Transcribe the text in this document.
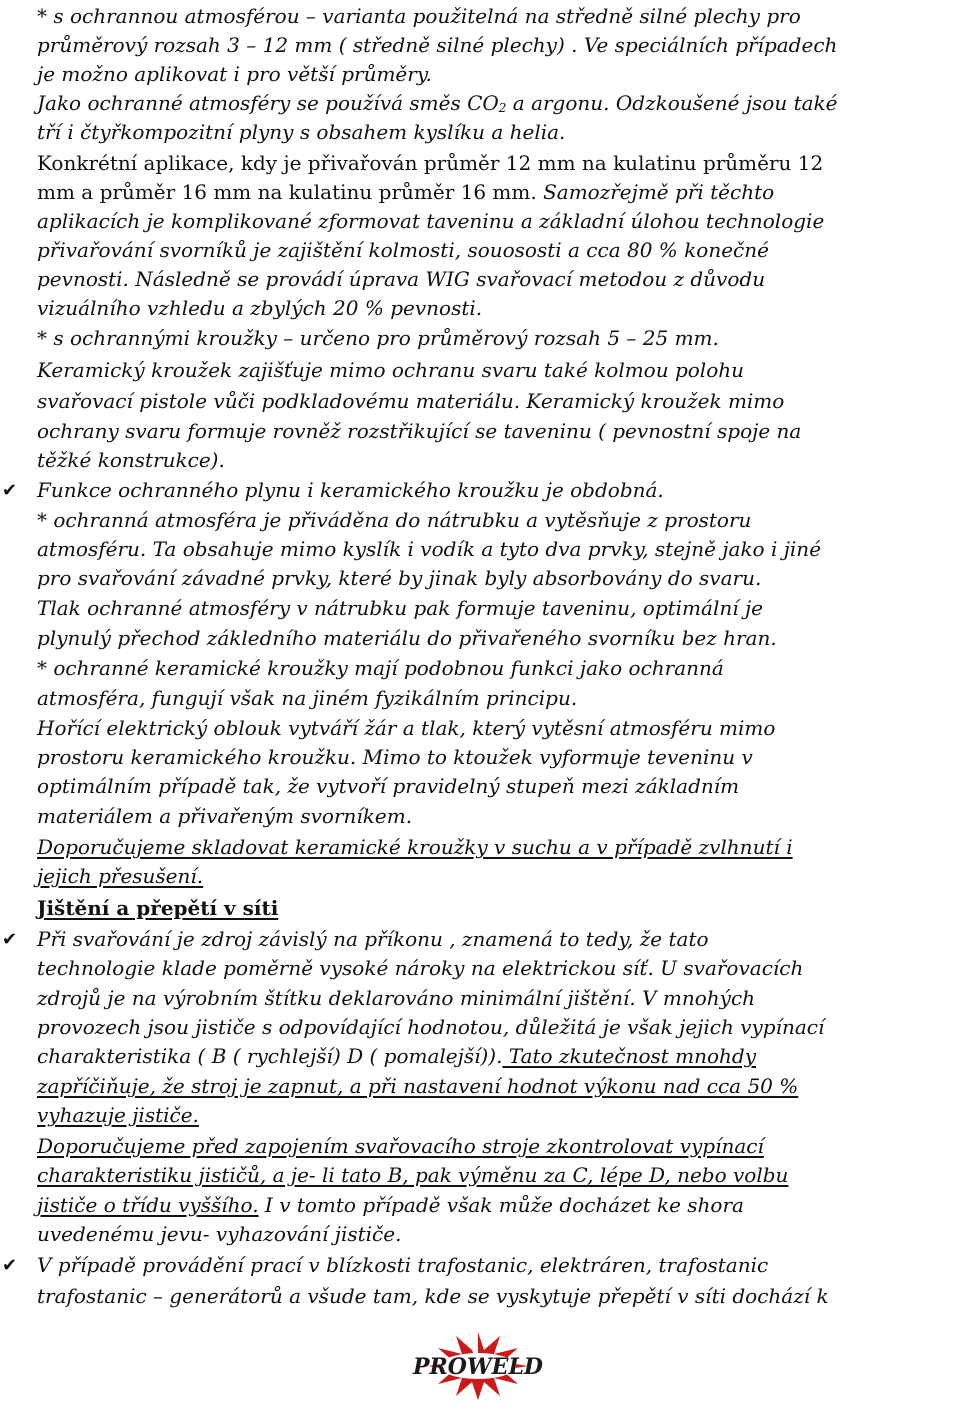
* s ochrannou atmosférou – varianta použitelná na středně silné plechy pro
průměrový rozsah 3 – 12 mm ( středně silné plechy) . Ve speciálních případech
je možno aplikovat i pro větší průměry.
Jako ochranné atmosféry se používá směs $CO_2$ a argonu. Odzkoušené jsou také
tří i čtyřkompozitní plyny s obsahem kyslíku a helia.
Konkrétní aplikace, kdy je přivařován průměr 12 mm na kulatinu průměru 12
mm a průměr 16 mm na kulatinu průměr 16 mm. Samozřejmě při těchto
aplikacích je komplikované zformovat taveninu a základní úlohou technologie
přivařování svorníků je zajištění kolmosti, souososti a cca 80 % konečné
pevnosti. Následně se provádí úprava WIG svařovací metodou z důvodu
vizuálního vzhledu a zbylých 20 % pevnosti.
* s ochrannými kroužky – určeno pro průměrový rozsah 5 – 25 mm.
Keramický kroužek zajišťuje mimo ochranu svaru také kolmou polohu
svařovací pistole vůči podkladovému materiálu. Keramický kroužek mimo
ochrany svaru formuje rovněž rozstřikující se taveninu ( pevnostní spoje na
těžké konstrukce).
✔ Funkce ochranného plynu i keramického kroužku je obdobná.
* ochranná atmosféra je přiváděna do nátrubku a vytěsňuje z prostoru
atmosféru. Ta obsahuje mimo kyslík i vodík a tyto dva prvky, stejně jako i jiné
pro svařování závadné prvky, které by jinak byly absorbovány do svaru.
Tlak ochranné atmosféry v nátrubku pak formuje taveninu, optimální je
plynulý přechod zákledního materiálu do přivařeného svorníku bez hran.
* ochranné keramické kroužky mají podobnou funkci jako ochranná
atmosféra, fungují však na jiném fyzikálním principu.
Hořící elektrický oblouk vytváří žár a tlak, který vytěsní atmosféru mimo
prostoru keramického kroužku. Mimo to ktoužek vyformuje teveninu v
optimálním případě tak, že vytvoří pravidelný stupeň mezi základním
materiálem a přivařeným svorníkem.
Doporučujeme skladovat keramické kroužky v suchu a v případě zvlhnutí i
jejich přesušení.
Jištění a přepětí v síti
✔ Při svařování je zdroj závislý na příkonu , znamená to tedy, že tato
technologie klade poměrně vysoké nároky na elektrickou síť. U svařovacích
zdrojů je na výrobním štítku deklarováno minimální jištění. V mnohých
provozech jsou jističe s odpovídající hodnotou, důležitá je však jejich vypínací
charakteristika ( B ( rychlejší) D ( pomalejší)). Tato zkutečnost mnohdy
zapříčiňuje, že stroj je zapnut, a při nastavení hodnot výkonu nad cca 50 %
vyhazuje jističe.
Doporučujeme před zapojením svařovacího stroje zkontrolovat vypínací
charakteristiku jističů, a je- li tato B, pak výměnu za C, lépe D, nebo volbu
jističe o třídu vyššího. I v tomto případě však může docházet ke shora
uvedenému jevu- vyhazování jističe.
✔ V případě provádění prací v blízkosti trafostanic, elektráren, trafostanic
trafostanic – generátorů a všude tam, kde se vyskytuje přepětí v síti dochází k
PROWELD
